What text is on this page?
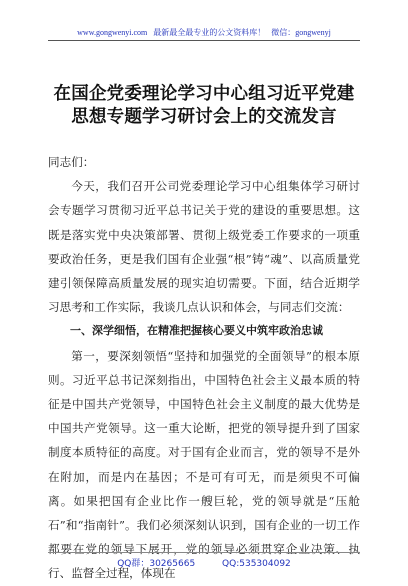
www.gongwenyi.com 最新最全最专业的公文资料库！ 微信：gongwenyj
在国企党委理论学习中心组习近平党建思想专题学习研讨会上的交流发言

同志们：

今天，我们召开公司党委理论学习中心组集体学习研讨会专题学习贯彻习近平总书记关于党的建设的重要思想。这既是落实党中央决策部署、贯彻上级党委工作要求的一项重要政治任务，更是我们国有企业强“根”铸“魂”、以高质量党建引领保障高质量发展的现实迫切需要。下面，结合近期学习思考和工作实际，我谈几点认识和体会，与同志们交流：

一、深学细悟，在精准把握核心要义中筑牢政治忠诚

第一，要深刻领悟“坚持和加强党的全面领导”的根本原则。习近平总书记深刻指出，中国特色社会主义最本质的特征是中国共产党领导，中国特色社会主义制度的最大优势是中国共产党领导。这一重大论断，把党的领导提升到了国家制度本质特征的高度。对于国有企业而言，党的领导不是外在附加，而是内在基因；不是可有可无，而是须臾不可偏离。如果把国有企业比作一艘巨轮，党的领导就是“压舱石”和“指南针”。我们必须深刻认识到，国有企业的一切工作都要在党的领导下展开，党的领导必须贯穿企业决策、执行、监督全过程，体现在

QQ群：30265665	QQ:535304092
